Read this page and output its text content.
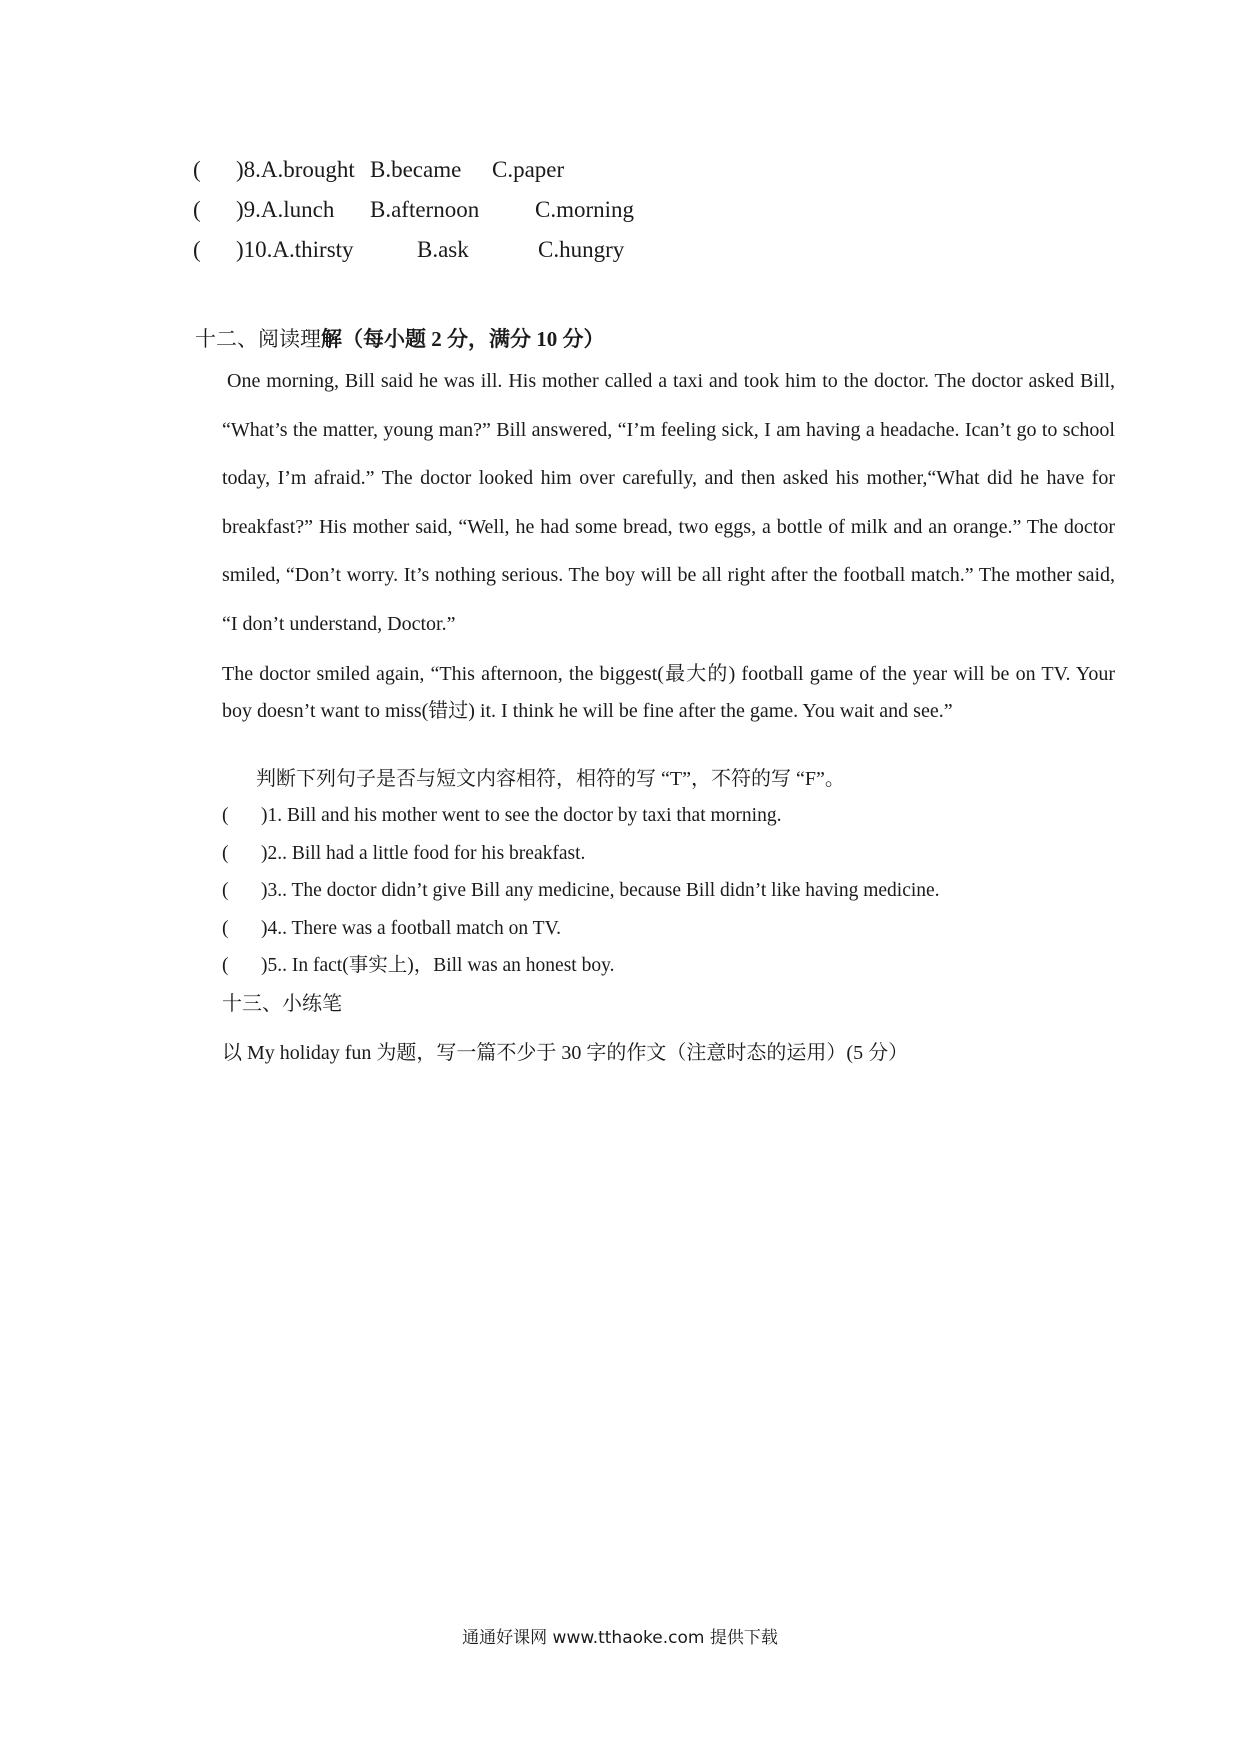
( )8.A.brought B.became C.paper
( )9.A.lunch B.afternoon C.morning
( )10.A.thirsty	B.ask	C.hungry
十二、阅读理解（每小题 2 分，满分 10 分）

One morning, Bill said he was ill. His mother called a taxi and took him to the doctor. The doctor asked Bill, “What’s the matter, young man?” Bill answered, “I’m feeling sick, I am having a headache. Ican’t go to school today, I’m afraid.” The doctor looked him over carefully, and then asked his mother,“What did he have for breakfast?” His mother said, “Well, he had some bread, two eggs, a bottle of milk and an orange.” The doctor smiled, “Don’t worry. It’s nothing serious. The boy will be all right after the football match.” The mother said, “I don’t understand, Doctor.”

The doctor smiled again, “This afternoon, the biggest(最大的) football game of the year will be on TV. Your boy doesn’t want to miss(错过) it. I think he will be fine after the game. You wait and see.”

判断下列句子是否与短文内容相符，相符的写 “T”，不符的写 “F”。
( )1. Bill and his mother went to see the doctor by taxi that morning.
( )2.. Bill had a little food for his breakfast.
( )3.. The doctor didn’t give Bill any medicine, because Bill didn’t like having medicine.
( )4.. There was a football match on TV.
( )5.. In fact(事实上)，Bill was an honest boy.
十三、小练笔
以 My holiday fun 为题，写一篇不少于 30 字的作文（注意时态的运用）(5 分）
通通好课网 www.tthaoke.com 提供下载
